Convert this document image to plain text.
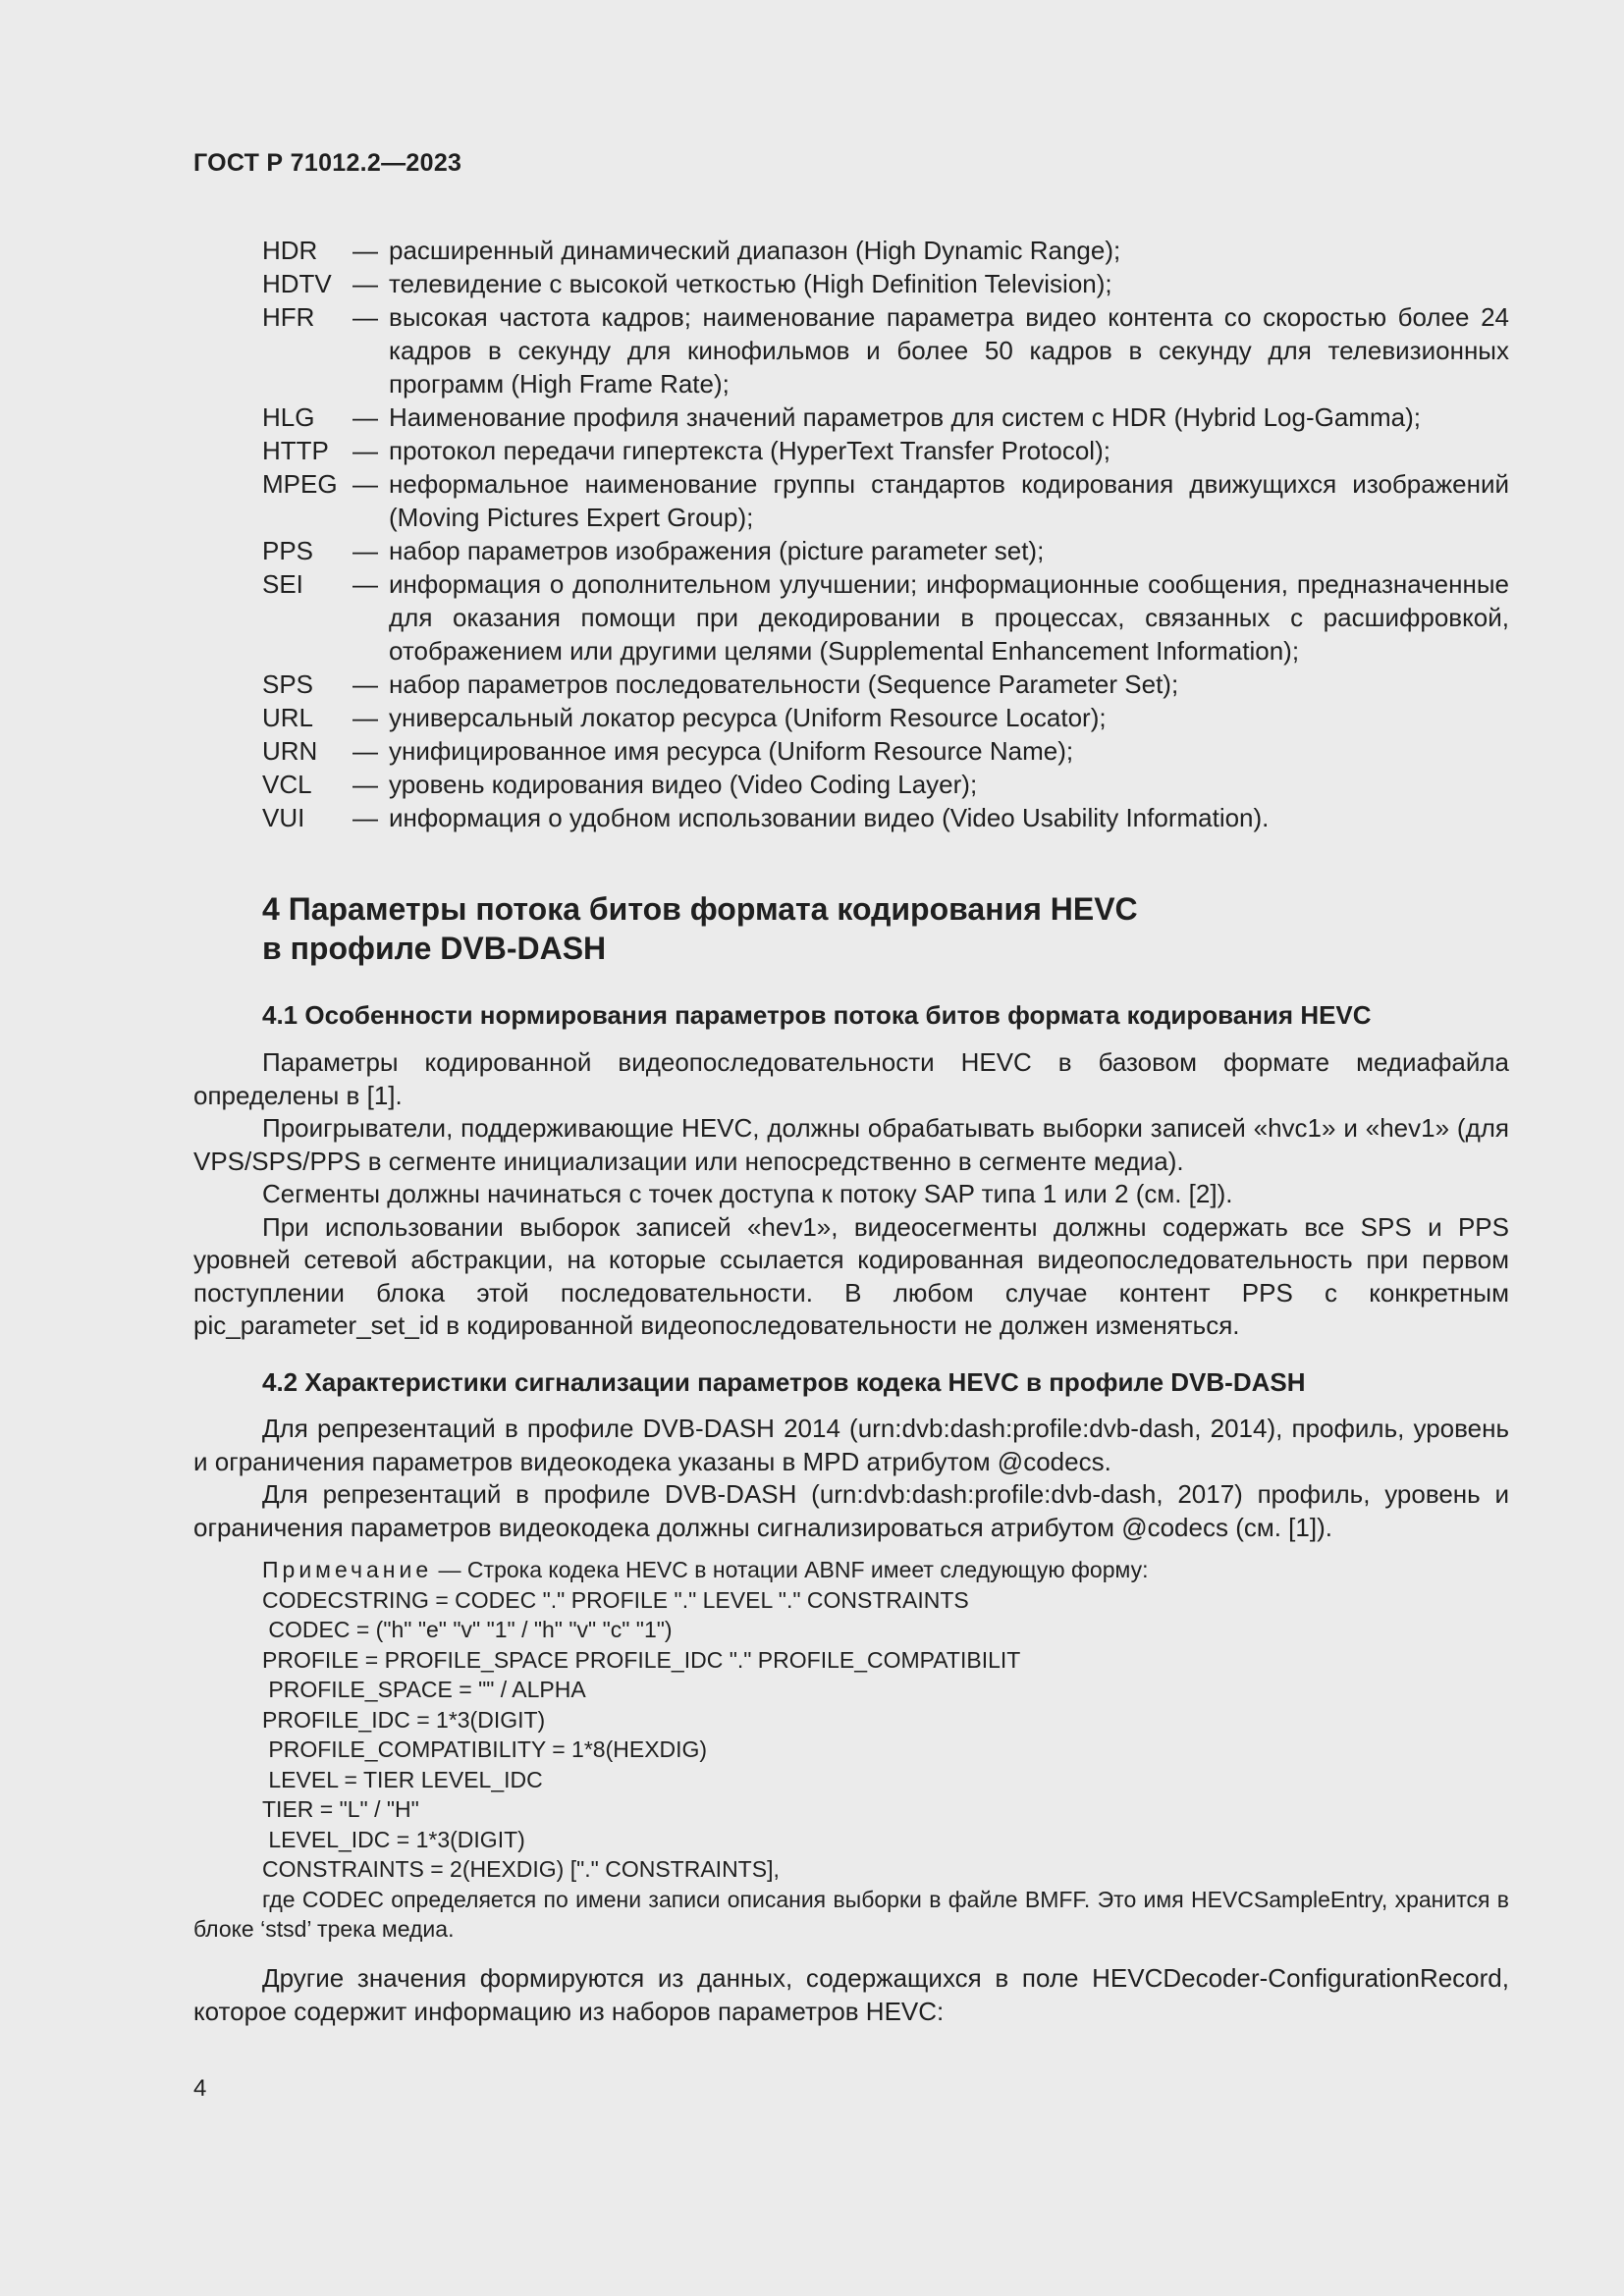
ГОСТ Р 71012.2—2023
HDR	— расширенный динамический диапазон (High Dynamic Range);
HDTV — телевидение с высокой четкостью (High Definition Television);
HFR	— высокая частота кадров; наименование параметра видео контента со скоростью более 24 кадров в секунду для кинофильмов и более 50 кадров в секунду для телевизионных программ (High Frame Rate);
HLG	— Наименование профиля значений параметров для систем с HDR (Hybrid Log-Gamma);
HTTP — протокол передачи гипертекста (HyperText Transfer Protocol);
MPEG — неформальное наименование группы стандартов кодирования движущихся изображений (Moving Pictures Expert Group);
PPS	— набор параметров изображения (picture parameter set);
SEI	— информация о дополнительном улучшении; информационные сообщения, предназначенные для оказания помощи при декодировании в процессах, связанных с расшифровкой, отображением или другими целями (Supplemental Enhancement Information);
SPS	— набор параметров последовательности (Sequence Parameter Set);
URL	— универсальный локатор ресурса (Uniform Resource Locator);
URN	— унифицированное имя ресурса (Uniform Resource Name);
VCL	— уровень кодирования видео (Video Coding Layer);
VUI	— информация о удобном использовании видео (Video Usability Information).
4 Параметры потока битов формата кодирования HEVC
в профиле DVB-DASH
4.1 Особенности нормирования параметров потока битов формата кодирования HEVC

Параметры кодированной видеопоследовательности HEVC в базовом формате медиафайла определены в [1].

Проигрыватели, поддерживающие HEVC, должны обрабатывать выборки записей «hvc1» и «hev1» (для VPS/SPS/PPS в сегменте инициализации или непосредственно в сегменте медиа).

Сегменты должны начинаться с точек доступа к потоку SAP типа 1 или 2 (см. [2]).

При использовании выборок записей «hev1», видеосегменты должны содержать все SPS и PPS уровней сетевой абстракции, на которые ссылается кодированная видеопоследовательность при первом поступлении блока этой последовательности. В любом случае контент PPS с конкретным pic_parameter_set_id в кодированной видеопоследовательности не должен изменяться.

4.2 Характеристики сигнализации параметров кодека HEVC в профиле DVB-DASH

Для репрезентаций в профиле DVB-DASH 2014 (urn:dvb:dash:profile:dvb-dash, 2014), профиль, уровень и ограничения параметров видеокодека указаны в MPD атрибутом @codecs.

Для репрезентаций в профиле DVB-DASH (urn:dvb:dash:profile:dvb-dash, 2017) профиль, уровень и ограничения параметров видеокодека должны сигнализироваться атрибутом @codecs (см. [1]).

Примечание — Строка кодека HEVC в нотации ABNF имеет следующую форму:

CODECSTRING = CODEC "." PROFILE "." LEVEL "." CONSTRAINTS

CODEC = ("h" "e" "v" "1" / "h" "v" "c" "1")

PROFILE = PROFILE_SPACE PROFILE_IDC "." PROFILE_COMPATIBILIT

PROFILE_SPACE = "" / ALPHA

PROFILE_IDC = 1*3(DIGIT)

PROFILE_COMPATIBILITY = 1*8(HEXDIG)

LEVEL = TIER LEVEL_IDC

TIER = "L" / "H"

LEVEL_IDC = 1*3(DIGIT)

CONSTRAINTS = 2(HEXDIG) ["." CONSTRAINTS],

где CODEC определяется по имени записи описания выборки в файле BMFF. Это имя HEVCSampleEntry, хранится в блоке ‘stsd’ трека медиа.

Другие значения формируются из данных, содержащихся в поле HEVCDecoder-ConfigurationRecord, которое содержит информацию из наборов параметров HEVC:

4
